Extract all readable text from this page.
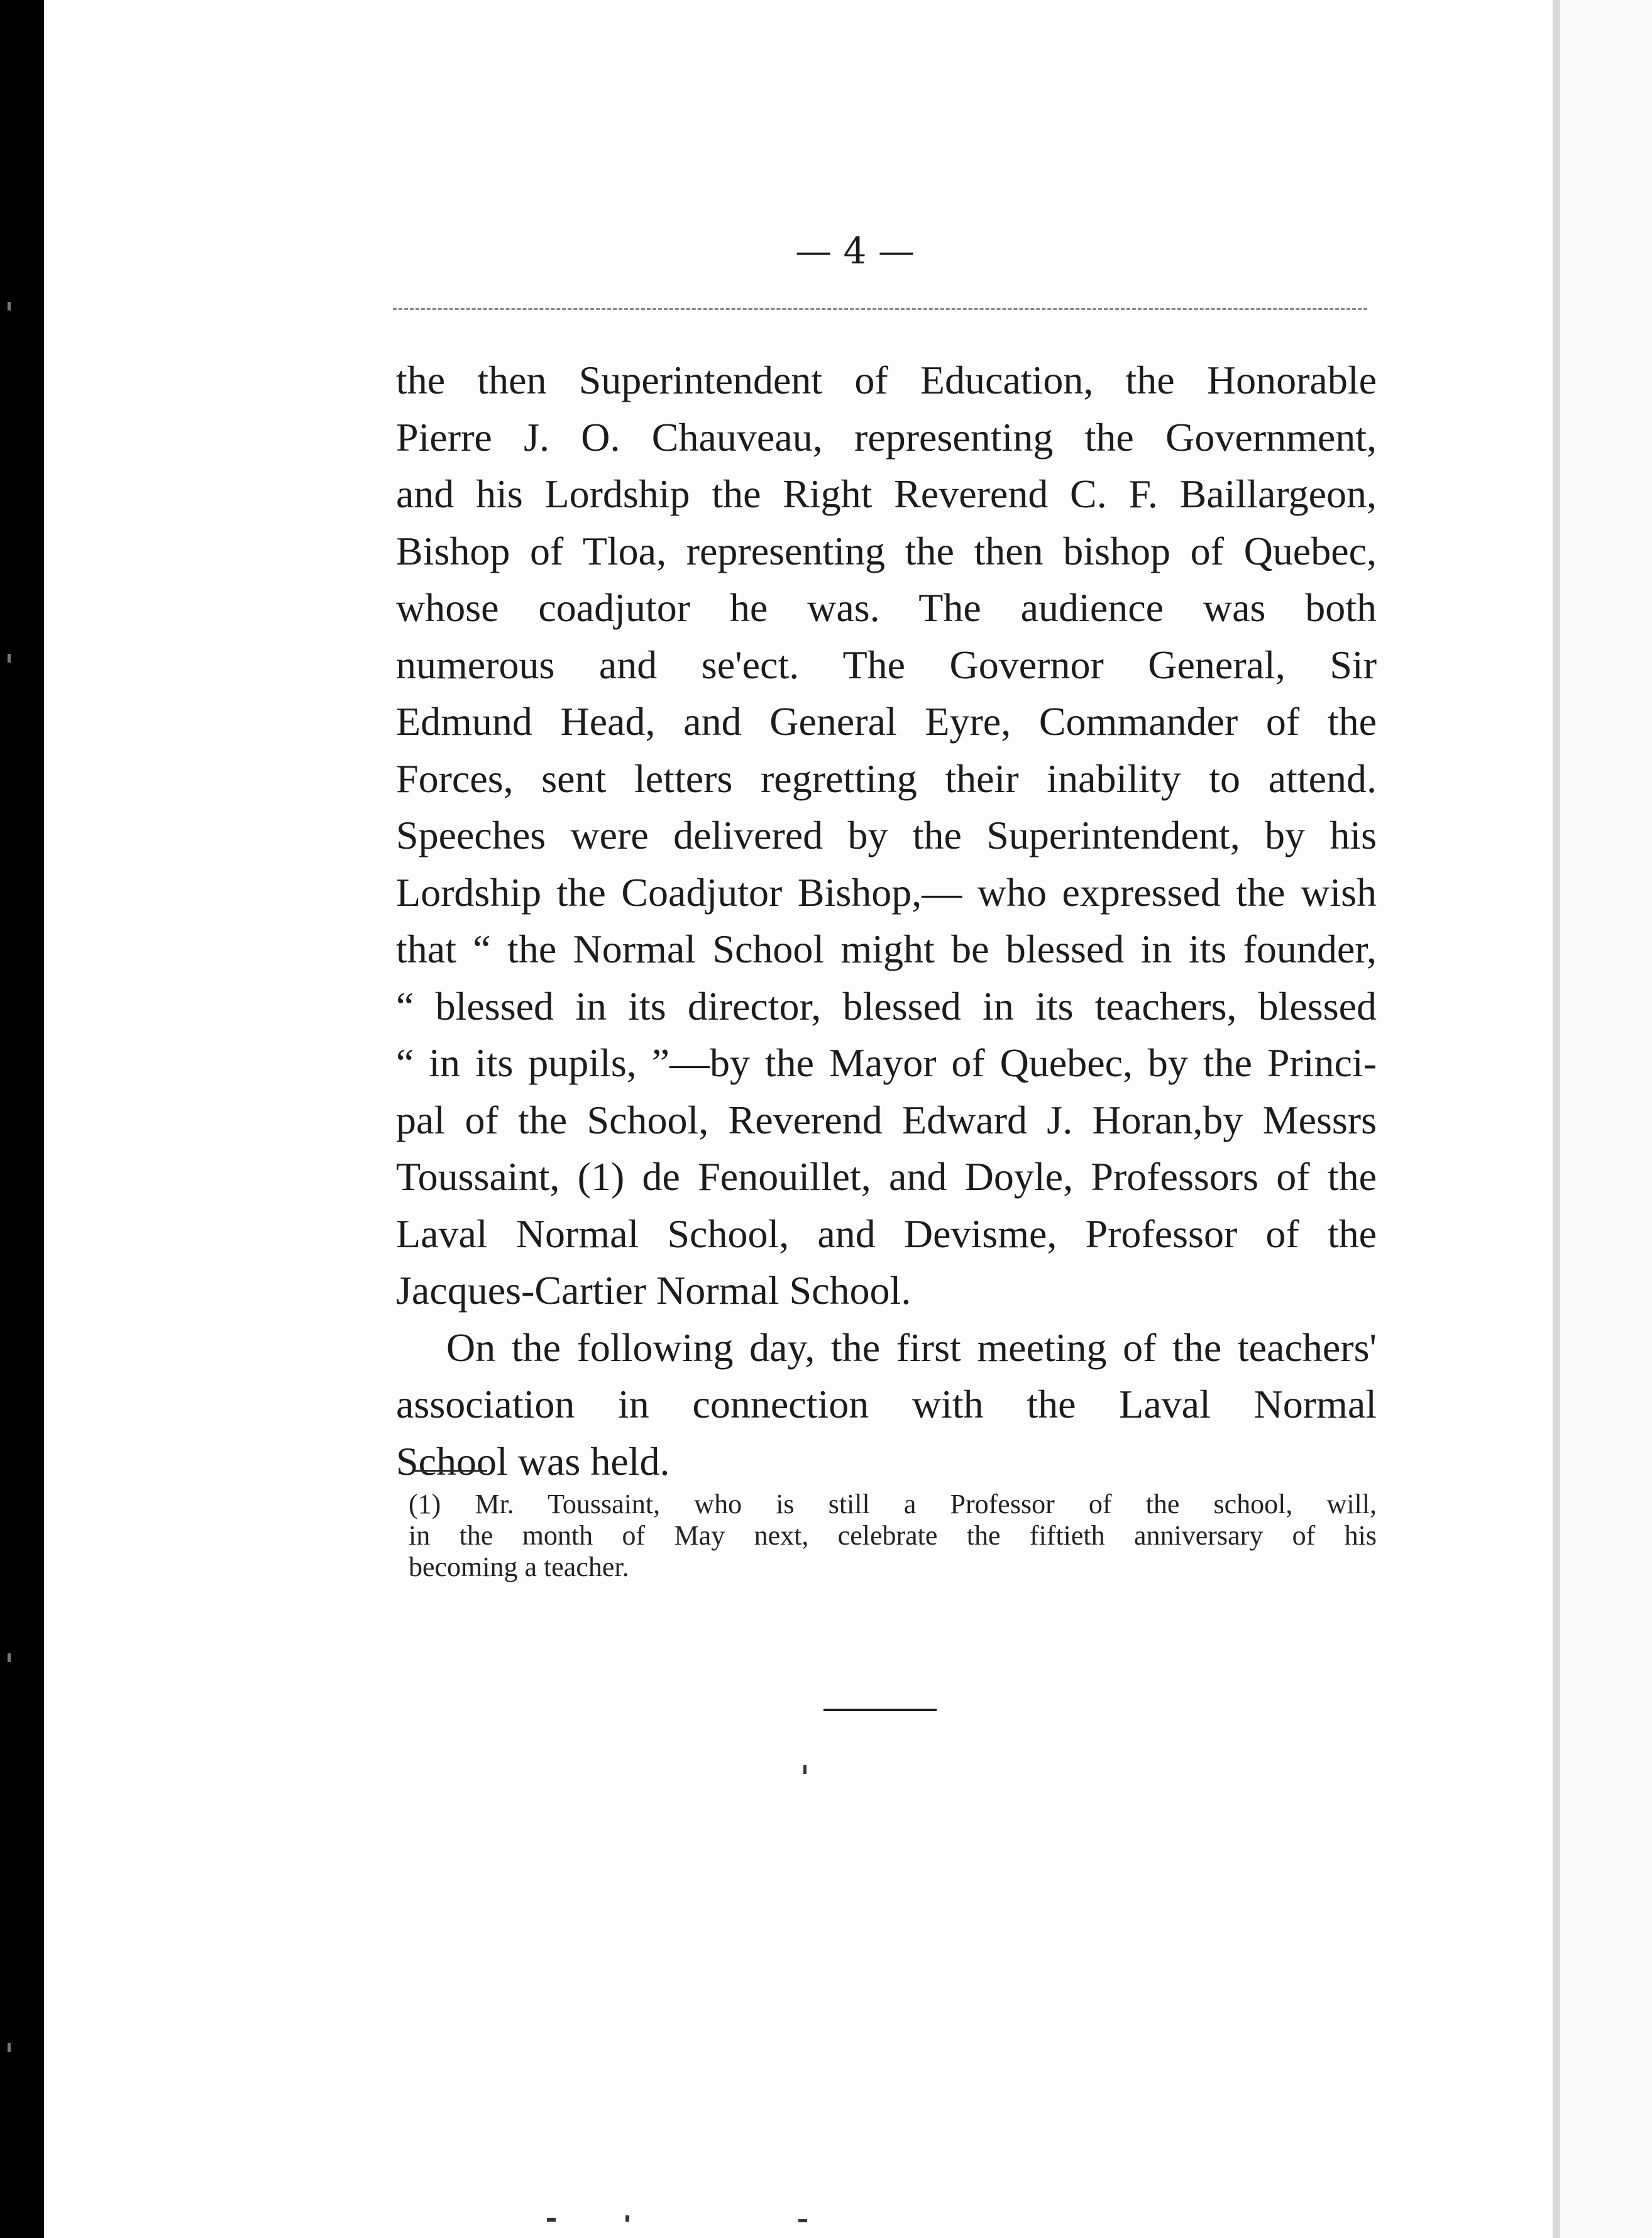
— 4 —
the then Superintendent of Education, the Honorable
Pierre J. O. Chauveau, representing the Government,
and his Lordship the Right Reverend C. F. Baillargeon,
Bishop of Tloa, representing the then bishop of Quebec,
whose coadjutor he was. The audience was both
numerous and se'ect. The Governor General, Sir
Edmund Head, and General Eyre, Commander of the
Forces, sent letters regretting their inability to attend.
Speeches were delivered by the Superintendent, by his
Lordship the Coadjutor Bishop,— who expressed the wish
that “ the Normal School might be blessed in its founder,
“ blessed in its director, blessed in its teachers, blessed
“ in its pupils, ”—by the Mayor of Quebec, by the Princi-
pal of the School, Reverend Edward J. Horan,by Messrs
Toussaint, (1) de Fenouillet, and Doyle, Professors of the
Laval Normal School, and Devisme, Professor of the
Jacques-Cartier Normal School.
On the following day, the first meeting of the teachers'
association in connection with the Laval Normal
School was held.
(1) Mr. Toussaint, who is still a Professor of the school, will,
in the month of May next, celebrate the fiftieth anniversary of his
becoming a teacher.
